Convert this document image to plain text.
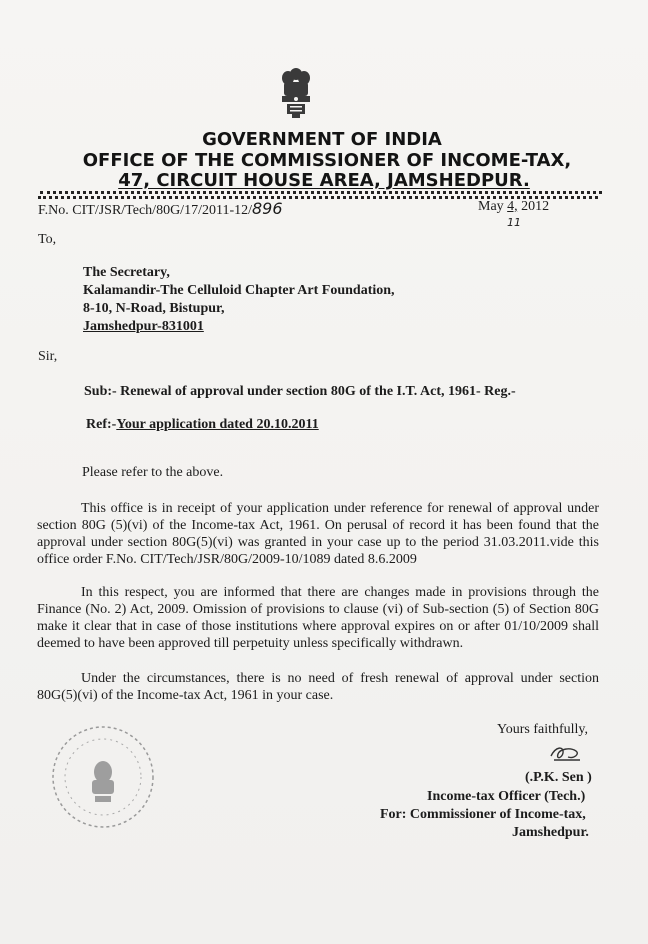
GOVERNMENT OF INDIA
OFFICE OF THE COMMISSIONER OF INCOME-TAX,
47, CIRCUIT HOUSE AREA, JAMSHEDPUR.
F.No. CIT/JSR/Tech/80G/17/2011-12/896	May 4, 2012
11
To,
The Secretary,
Kalamandir-The Celluloid Chapter Art Foundation,
8-10, N-Road, Bistupur,
Jamshedpur-831001
Sir,
Sub:- Renewal of approval under section 80G of the I.T. Act, 1961- Reg.-
Ref:-Your application dated 20.10.2011
Please refer to the above.

This office is in receipt of your application under reference for renewal of approval under section 80G (5)(vi) of the Income-tax Act, 1961. On perusal of record it has been found that the approval under section 80G(5)(vi) was granted in your case up to the period 31.03.2011.vide this office order F.No. CIT/Tech/JSR/80G/2009-10/1089 dated 8.6.2009

In this respect, you are informed that there are changes made in provisions through the Finance (No. 2) Act, 2009. Omission of provisions to clause (vi) of Sub-section (5) of Section 80G make it clear that in case of those institutions where approval expires on or after 01/10/2009 shall deemed to have been approved till perpetuity unless specifically withdrawn.

Under the circumstances, there is no need of fresh renewal of approval under section 80G(5)(vi) of the Income-tax Act, 1961 in your case.

Yours faithfully,
(.P.K. Sen )
Income-tax Officer (Tech.)
For: Commissioner of Income-tax,
Jamshedpur.
